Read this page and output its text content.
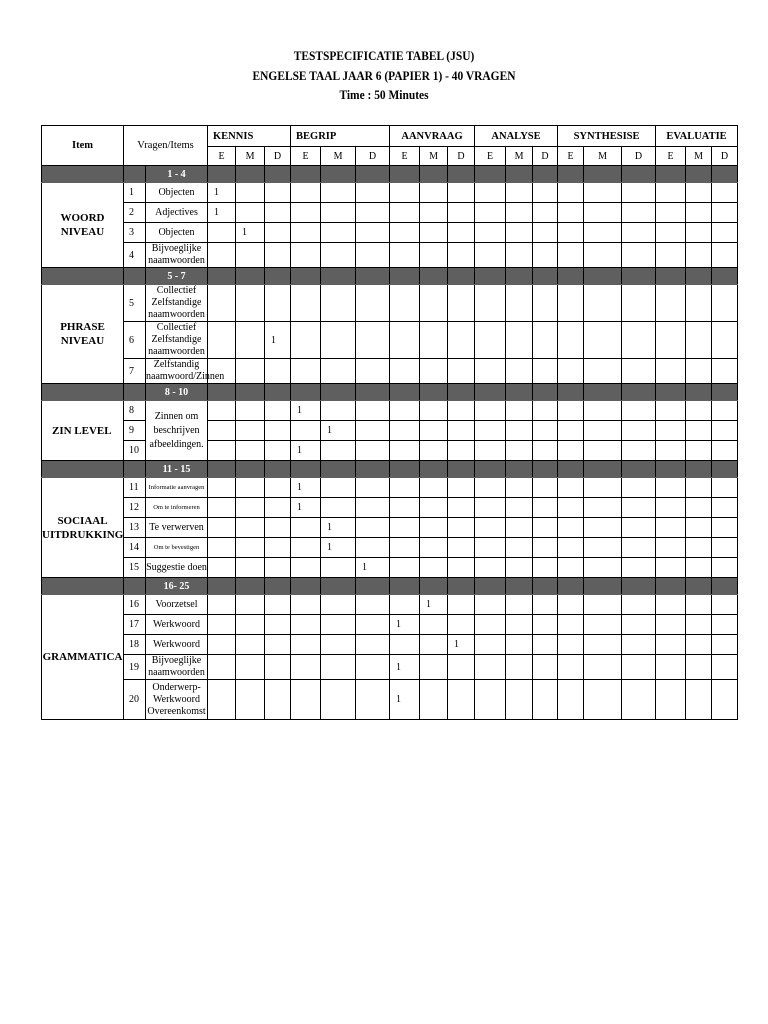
TESTSPECIFICATIE TABEL (JSU)
ENGELSE TAAL JAAR 6 (PAPIER 1) - 40 VRAGEN
Time : 50 Minutes
Item	Vragen/Items		KENNIS			BEGRIP			AANVRAAG			ANALYSE			SYNTHESISE			EVALUATIE		
			E	M	D	E	M	D	E	M	D	E	M	D	E	M	D	E	M	D
		1 - 4																		
WOORD NIVEAU	1	Objecten	1																	
	2	Adjectives	1																	
	3	Objecten		1																
	4	Bijvoeglijke naamwoorden																		
		5 - 7																		
PHRASE NIVEAU	5	Collectief Zelfstandige naamwoorden																		
	6	Collectief Zelfstandige naamwoorden			1															
	7	Zelfstandig naamwoord/Zinnen																		
		8 - 10																		
ZIN LEVEL	8	Zinnen om beschrijven afbeeldingen.				1														
	9						1													
	10					1														
		11 - 15																		
SOCIAAL UITDRUKKING	11	Informatie aanvragen				1														
	12	Om te informeren				1														
	13	Te verwerven					1													
	14	Om te bevestigen					1													
	15	Suggestie doen						1												
		16- 25																		
GRAMMATICA	16	Voorzetsel								1										
	17	Werkwoord							1											
	18	Werkwoord									1									
	19	Bijvoeglijke naamwoorden							1											
	20	Onderwerp-Werkwoord Overeenkomst							1											
